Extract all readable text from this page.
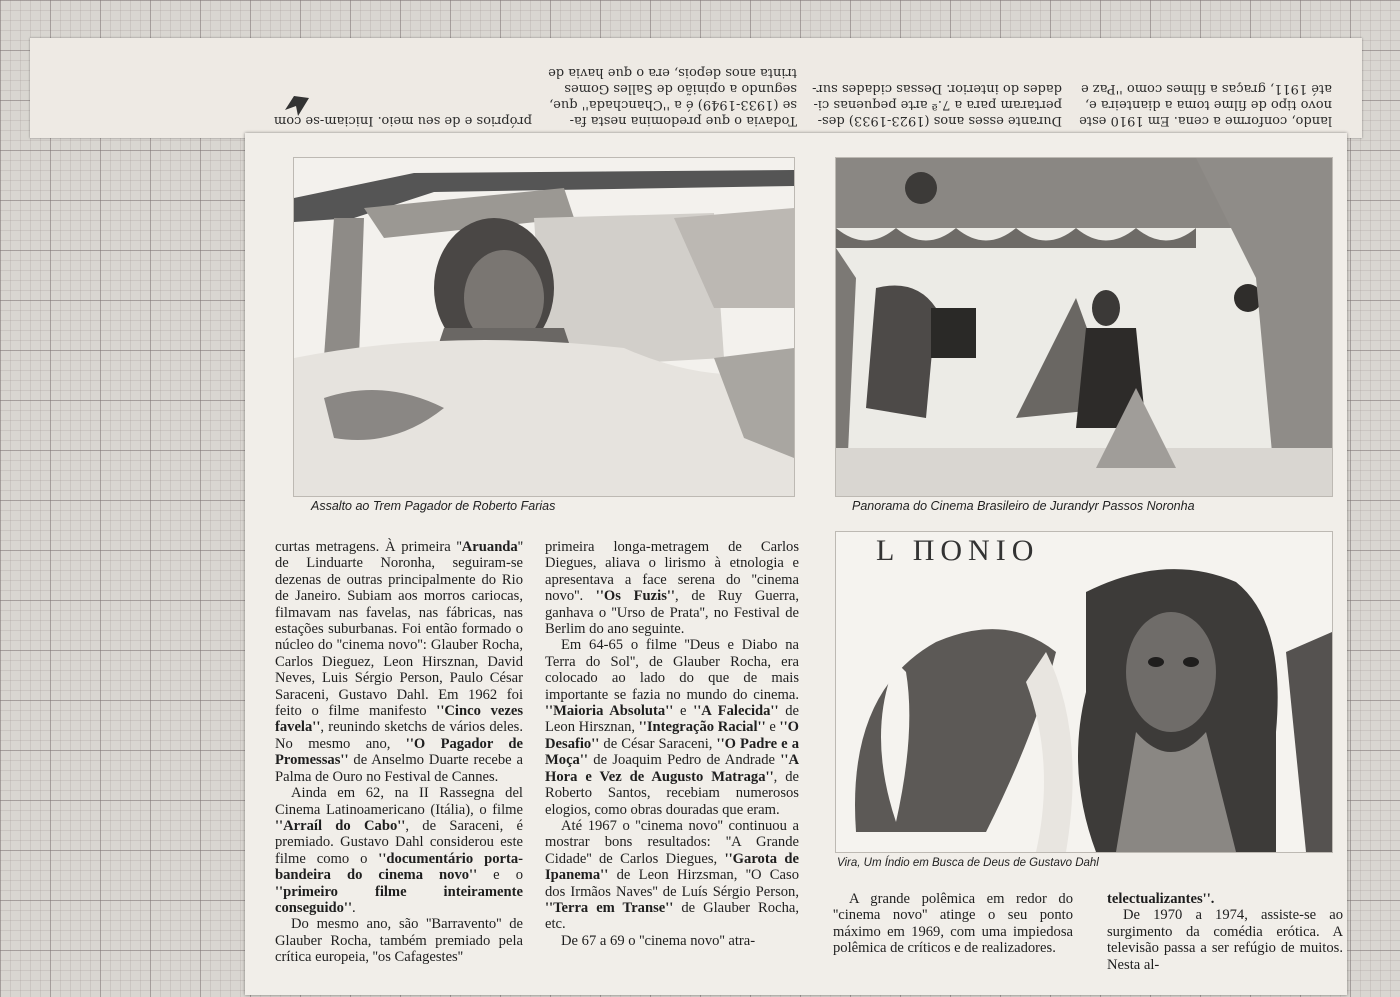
lando, conforme a cena. Em 1910 este
novo tipo de filme toma a dianteira e,
até 1911, graças a filmes como ''Paz e
Durante esses anos (1923-1933) des-
pertaram para a 7.ª arte pequenas ci-
dades do interior. Dessas cidades sur-
Todavia o que predomina nesta fa-
se (1933-1949) é a ''Chanchada'' que,
segundo a opinião de Salles Gomes
trinta anos depois, era o que havia de
próprios e de seu meio. Iniciam-se com
Assalto ao Trem Pagador de Roberto Farias	Panorama do Cinema Brasileiro de Jurandyr Passos Noronha
L ΠΟΝΙΟ
Vira, Um Índio em Busca de Deus de Gustavo Dahl

curtas metragens. À primeira ''Aruanda'' de Linduarte Noronha, seguiram-se dezenas de outras principalmente do Rio de Janeiro. Subiam aos morros cariocas, filmavam nas favelas, nas fábricas, nas estações suburbanas. Foi então formado o núcleo do ''cinema novo'': Glauber Rocha, Carlos Dieguez, Leon Hirsznan, David Neves, Luis Sérgio Person, Paulo César Saraceni, Gustavo Dahl. Em 1962 foi feito o filme manifesto ''Cinco vezes favela'', reunindo sketchs de vários deles. No mesmo ano, ''O Pagador de Promessas'' de Anselmo Duarte recebe a Palma de Ouro no Festival de Cannes.

Ainda em 62, na II Rassegna del Cinema Latinoamericano (Itália), o filme ''Arraíl do Cabo'', de Saraceni, é premiado. Gustavo Dahl considerou este filme como o ''documentário porta-bandeira do cinema novo'' e o ''primeiro filme inteiramente conseguido''.

Do mesmo ano, são ''Barravento'' de Glauber Rocha, também premiado pela crítica europeia, ''os Cafagestes''

primeira longa-metragem de Carlos Diegues, aliava o lirismo à etnologia e apresentava a face serena do ''cinema novo''. ''Os Fuzis'', de Ruy Guerra, ganhava o ''Urso de Prata'', no Festival de Berlim do ano seguinte.

Em 64-65 o filme ''Deus e Diabo na Terra do Sol'', de Glauber Rocha, era colocado ao lado do que de mais importante se fazia no mundo do cinema. ''Maioria Absoluta'' e ''A Falecida'' de Leon Hirsznan, ''Integração Racial'' e ''O Desafio'' de César Saraceni, ''O Padre e a Moça'' de Joaquim Pedro de Andrade ''A Hora e Vez de Augusto Matraga'', de Roberto Santos, recebiam numerosos elogios, como obras douradas que eram.

Até 1967 o ''cinema novo'' continuou a mostrar bons resultados: ''A Grande Cidade'' de Carlos Diegues, ''Garota de Ipanema'' de Leon Hirzsman, ''O Caso dos Irmãos Naves'' de Luís Sérgio Person, ''Terra em Transe'' de Glauber Rocha, etc.

De 67 a 69 o ''cinema novo'' atra-

A grande polêmica em redor do ''cinema novo'' atinge o seu ponto máximo em 1969, com uma impiedosa polêmica de críticos e de realizadores.

telectualizantes''.

De 1970 a 1974, assiste-se ao surgimento da comédia erótica. A televisão passa a ser refúgio de muitos. Nesta al-
